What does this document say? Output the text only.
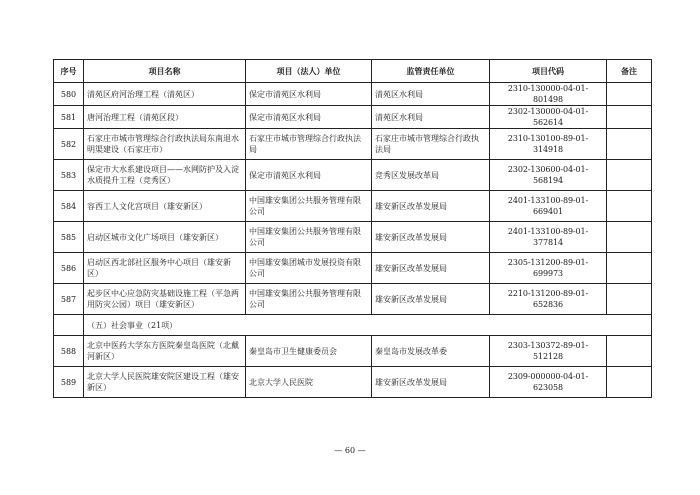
序号	项目名称	项目（法人）单位	监管责任单位	项目代码	备注
580	清苑区府河治理工程（清苑区）	保定市清苑区水利局	清苑区水利局	2310-130000-04-01-801498	
581	唐河治理工程（清苑区段）	保定市清苑区水利局	清苑区水利局	2302-130000-04-01-562614	
582	石家庄市城市管理综合行政执法局东南退水明渠建设（石家庄市）	石家庄市城市管理综合行政执法局	石家庄市城市管理综合行政执法局	2310-130100-89-01-314918	
583	保定市大水系建设项目——水网防护及入淀水质提升工程（竞秀区）	保定市清苑区水利局	竞秀区发展改革局	2302-130600-04-01-568194	
584	容西工人文化宫项目（雄安新区）	中国雄安集团公共服务管理有限公司	雄安新区改革发展局	2401-133100-89-01-669401	
585	启动区城市文化广场项目（雄安新区）	中国雄安集团公共服务管理有限公司	雄安新区改革发展局	2401-133100-89-01-377814	
586	启动区西北部社区服务中心项目（雄安新区）	中国雄安集团城市发展投资有限公司	雄安新区改革发展局	2305-131200-89-01-699973	
587	起步区中心应急防灾基础设施工程（平急两用防灾公园）项目（雄安新区）	中国雄安集团公共服务管理有限公司	雄安新区改革发展局	2210-131200-89-01-652836	
	（五）社会事业（21项）				
588	北京中医药大学东方医院秦皇岛医院（北戴河新区）	秦皇岛市卫生健康委员会	秦皇岛市发展改革委	2303-130372-89-01-512128	
589	北京大学人民医院雄安院区建设工程（雄安新区）	北京大学人民医院	雄安新区改革发展局	2309-000000-04-01-623058	
— 60 —
